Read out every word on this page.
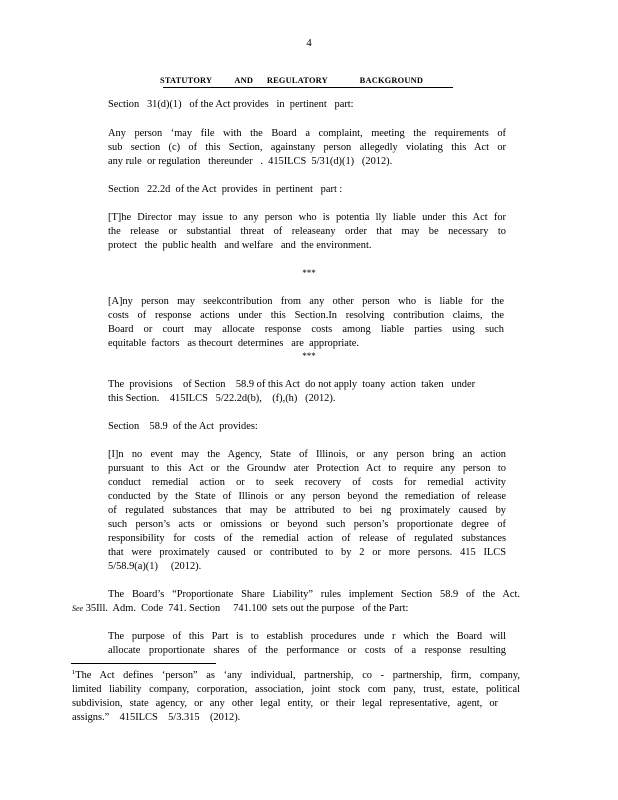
4
STATUTORY          AND      REGULATORY              BACKGROUND
Section   31(d)(1)   of the Act provides   in  pertinent   part:
Any person ‘may file with the Board a complaint, meeting the requirements of
sub section (c) of this Section, againstany person allegedly violating this Act or
any rule  or regulation   thereunder   .  415ILCS  5/31(d)(1)   (2012).
Section   22.2d  of the Act  provides  in  pertinent   part :
[T]he Director may issue to any person who is potentia lly liable under this Act for
the release or substantial threat of releaseany order that may be necessary to
protect   the  public health   and welfare   and  the environment.
***
[A]ny person may seekcontribution from any other person who is liable for the
costs of response actions under this Section.In resolving contribution claims, the
Board or court may allocate response costs among liable parties using such
equitable  factors   as thecourt  determines   are  appropriate.
***
The  provisions    of Section    58.9 of this Act  do not apply  toany  action  taken   under
this Section.    415ILCS   5/22.2d(b),    (f),(h)   (2012).
Section    58.9  of the Act  provides:
[I]n no event may the Agency, State of Illinois, or any person bring an action
pursuant to this Act or the Groundw ater Protection Act to require any person to
conduct remedial action or to seek recovery of costs for remedial activity
conducted by the State of Illinois or any person beyond the remediation of release
of regulated substances that may be attributed to bei ng proximately caused by
such person’s acts or omissions or beyond such person’s proportionate degree of
responsibility for costs of the remedial action of release of regulated substances
that were proximately caused or contributed to by 2 or more persons. 415 ILCS
5/58.9(a)(1)     (2012).
The Board’s “Proportionate Share Liability” rules implement Section 58.9 of the Act.
See 35Ill.  Adm.  Code  741. Section     741.100  sets out the purpose   of the Part:
The purpose of this Part is to establish procedures unde r which the Board will
allocate proportionate shares of the performance or costs of a response resulting
$^1$The Act defines ‘person” as ‘any individual, partnership, co - partnership, firm, company,
limited liability company, corporation, association, joint stock com pany, trust, estate, political
subdivision, state agency, or any other legal entity, or their legal representative, agent, or
assigns.”    415ILCS    5/3.315    (2012).
